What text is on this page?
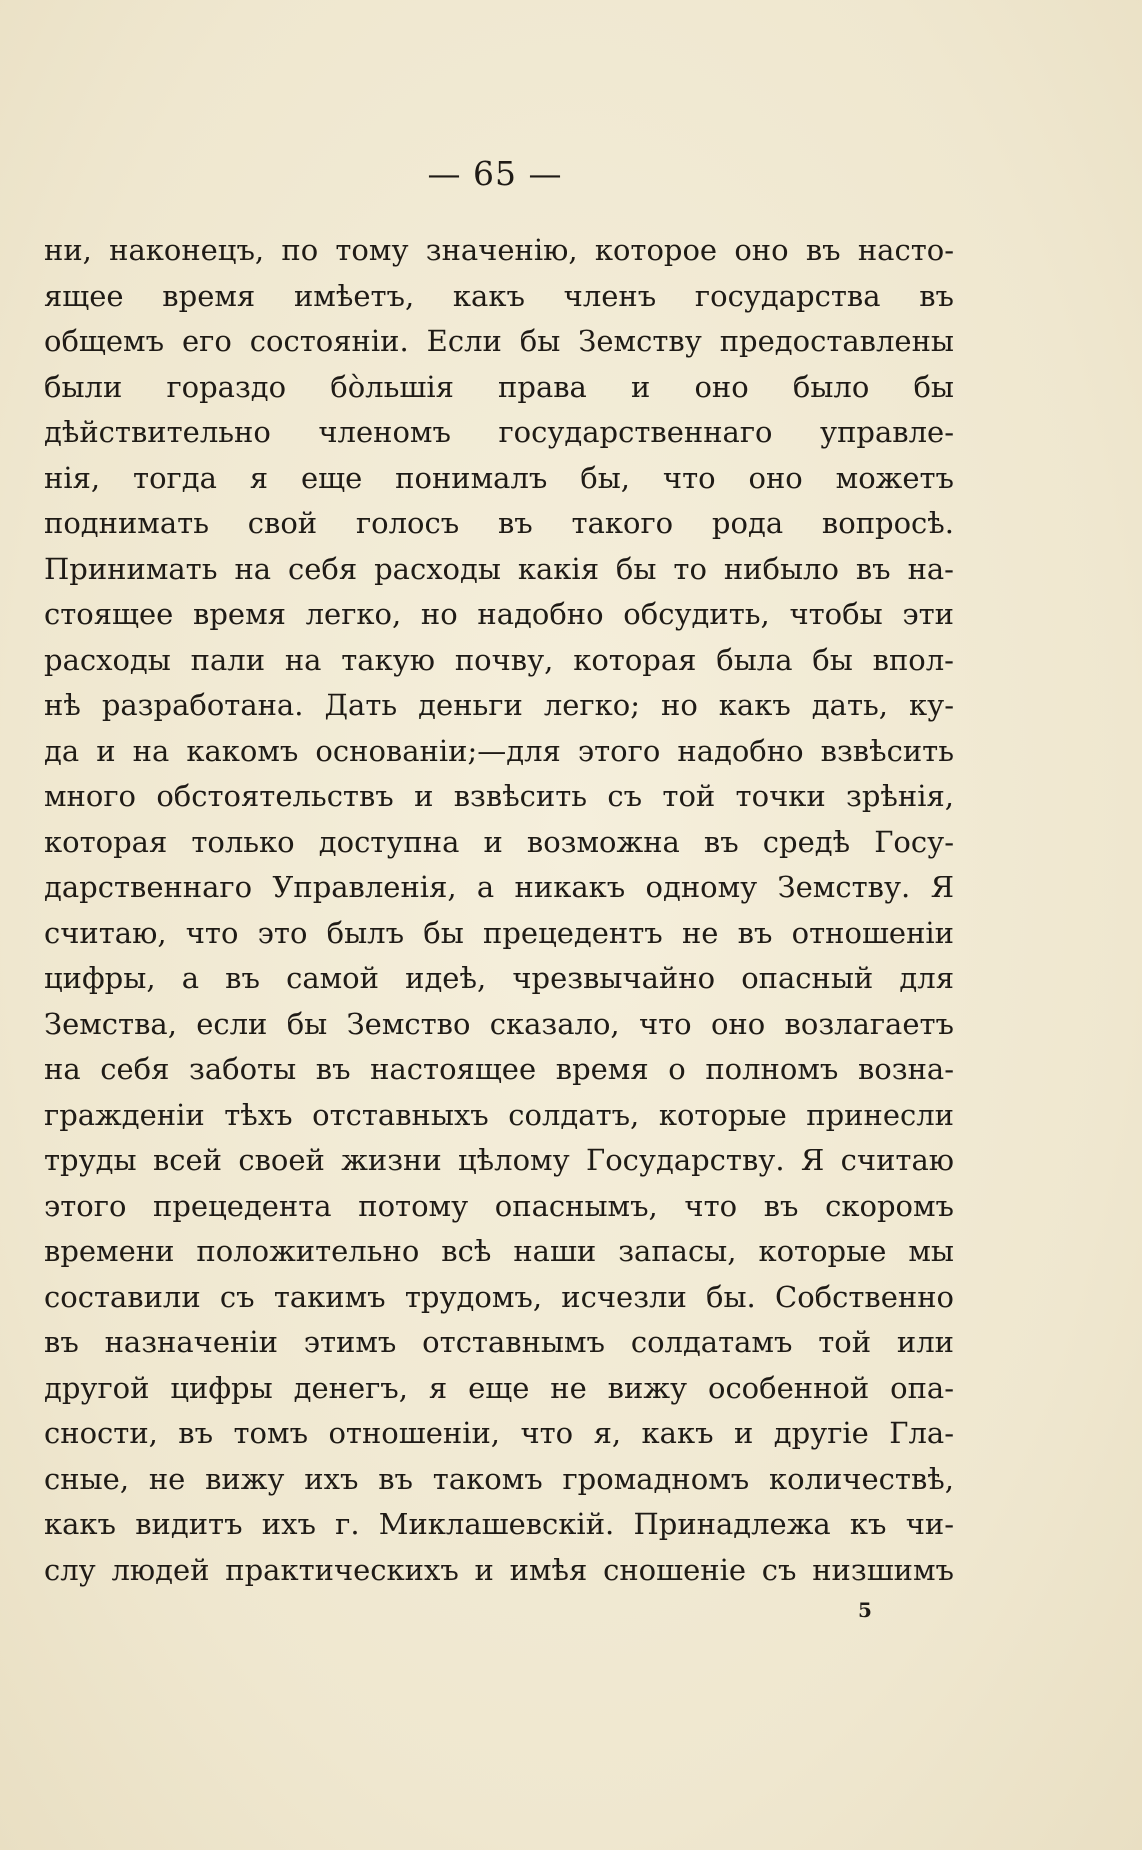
— 65 —
ни, наконецъ, по тому значенію, которое оно въ насто-
ящее время имѣетъ, какъ членъ государства въ
общемъ его состояніи. Если бы Земству предоставлены
были гораздо бо̀льшія права и оно было бы
дѣйствительно членомъ государственнаго управле-
нія, тогда я еще понималъ бы, что оно можетъ
поднимать свой голосъ въ такого рода вопросѣ.
Принимать на себя расходы какія бы то нибыло въ на-
стоящее время легко, но надобно обсудить, чтобы эти
расходы пали на такую почву, которая была бы впол-
нѣ разработана. Дать деньги легко; но какъ дать, ку-
да и на какомъ основаніи;—для этого надобно взвѣсить
много обстоятельствъ и взвѣсить съ той точки зрѣнія,
которая только доступна и возможна въ средѣ Госу-
дарственнаго Управленія, а никакъ одному Земству. Я
считаю, что это былъ бы прецедентъ не въ отношеніи
цифры, а въ самой идеѣ, чрезвычайно опасный для
Земства, если бы Земство сказало, что оно возлагаетъ
на себя заботы въ настоящее время о полномъ возна-
гражденіи тѣхъ отставныхъ солдатъ, которые принесли
труды всей своей жизни цѣлому Государству. Я считаю
этого прецедента потому опаснымъ, что въ скоромъ
времени положительно всѣ наши запасы, которые мы
составили съ такимъ трудомъ, исчезли бы. Собственно
въ назначеніи этимъ отставнымъ солдатамъ той или
другой цифры денегъ, я еще не вижу особенной опа-
сности, въ томъ отношеніи, что я, какъ и другіе Гла-
сные, не вижу ихъ въ такомъ громадномъ количествѣ,
какъ видитъ ихъ г. Миклашевскій. Принадлежа къ чи-
слу людей практическихъ и имѣя сношеніе съ низшимъ
5
